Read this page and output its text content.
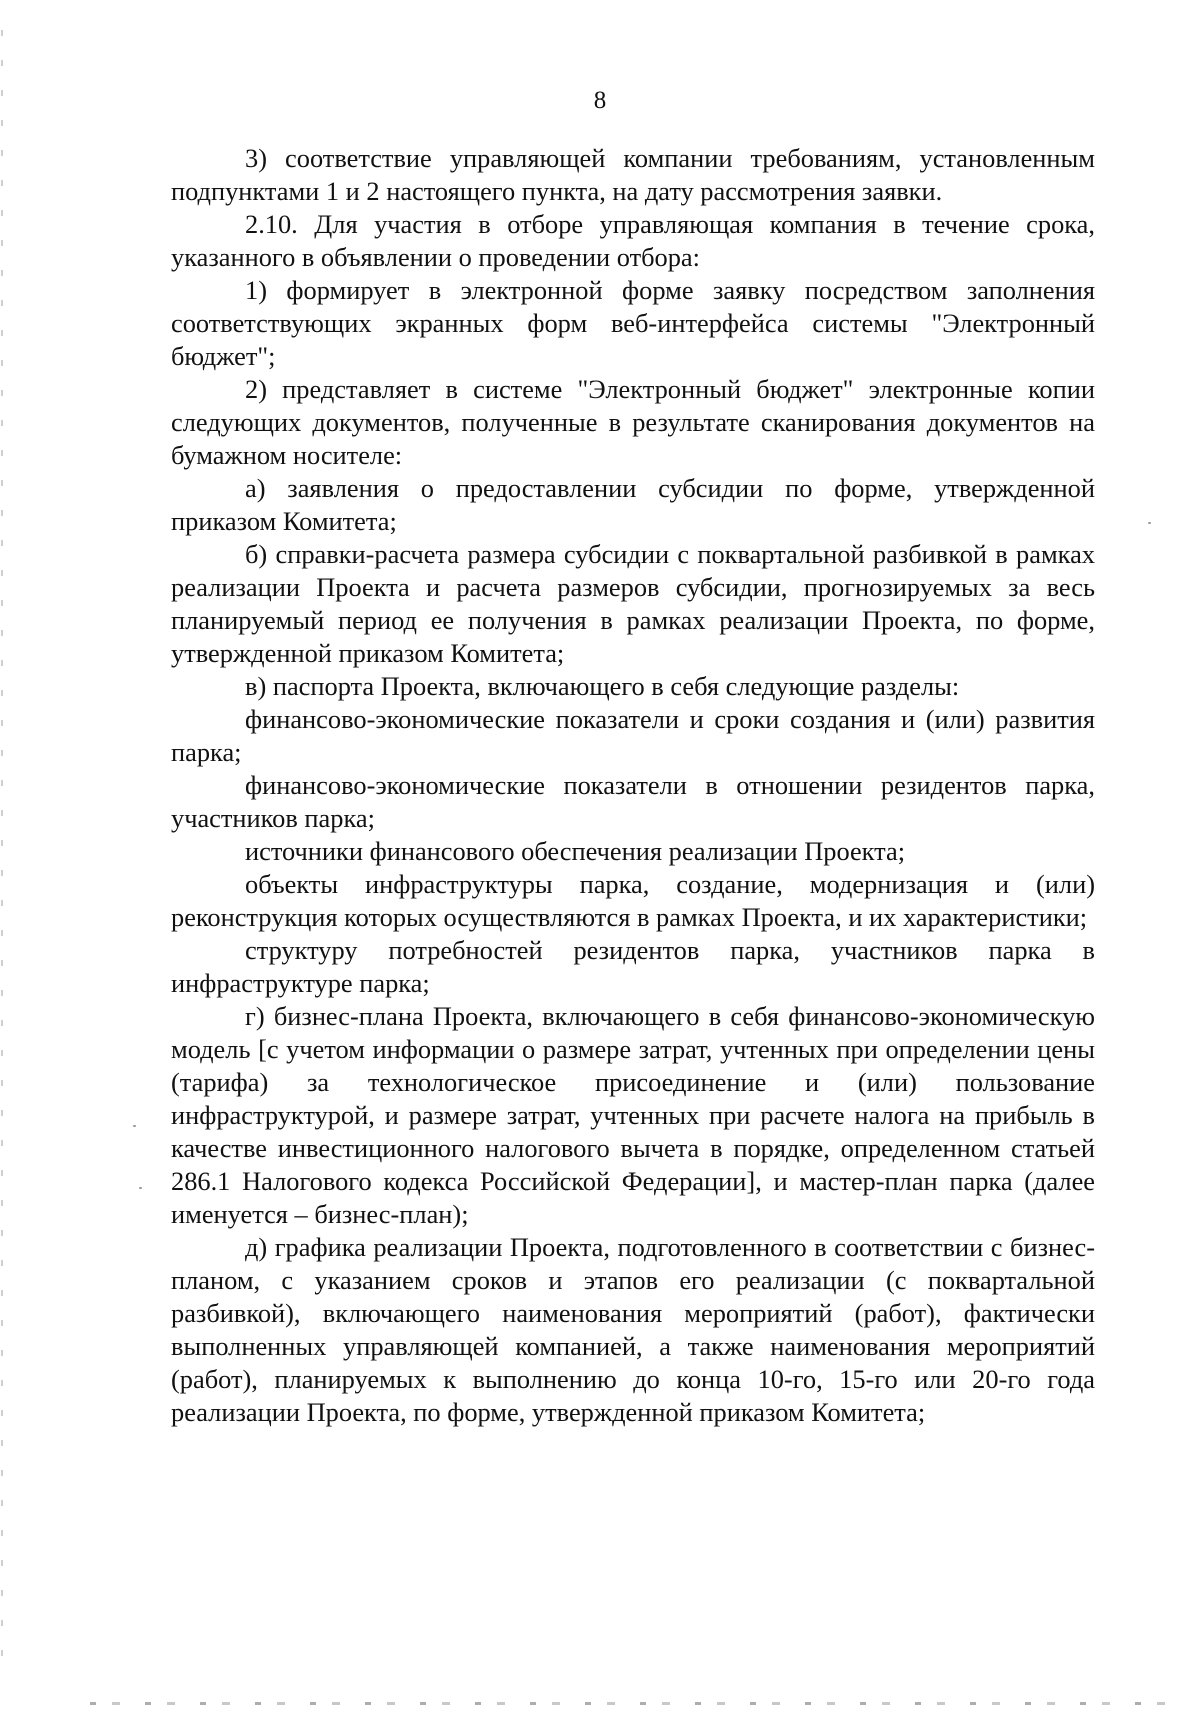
8

3) соответствие управляющей компании требованиям, установленным подпунктами 1 и 2 настоящего пункта, на дату рассмотрения заявки.

2.10. Для участия в отборе управляющая компания в течение срока, указанного в объявлении о проведении отбора:

1) формирует в электронной форме заявку посредством заполнения соответствующих экранных форм веб-интерфейса системы "Электронный бюджет";

2) представляет в системе "Электронный бюджет" электронные копии следующих документов, полученные в результате сканирования документов на бумажном носителе:

а) заявления о предоставлении субсидии по форме, утвержденной приказом Комитета;

б) справки-расчета размера субсидии с поквартальной разбивкой в рамках реализации Проекта и расчета размеров субсидии, прогнозируемых за весь планируемый период ее получения в рамках реализации Проекта, по форме, утвержденной приказом Комитета;

в) паспорта Проекта, включающего в себя следующие разделы:

финансово-экономические показатели и сроки создания и (или) развития парка;

финансово-экономические показатели в отношении резидентов парка, участников парка;

источники финансового обеспечения реализации Проекта;

объекты инфраструктуры парка, создание, модернизация и (или) реконструкция которых осуществляются в рамках Проекта, и их характеристики;

структуру потребностей резидентов парка, участников парка в инфраструктуре парка;

г) бизнес-плана Проекта, включающего в себя финансово-экономическую модель [с учетом информации о размере затрат, учтенных при определении цены (тарифа) за технологическое присоединение и (или) пользование инфраструктурой, и размере затрат, учтенных при расчете налога на прибыль в качестве инвестиционного налогового вычета в порядке, определенном статьей 286.1 Налогового кодекса Российской Федерации], и мастер-план парка (далее именуется – бизнес-план);

д) графика реализации Проекта, подготовленного в соответствии с бизнес-планом, с указанием сроков и этапов его реализации (с поквартальной разбивкой), включающего наименования мероприятий (работ), фактически выполненных управляющей компанией, а также наименования мероприятий (работ), планируемых к выполнению до конца 10-го, 15-го или 20-го года реализации Проекта, по форме, утвержденной приказом Комитета;
